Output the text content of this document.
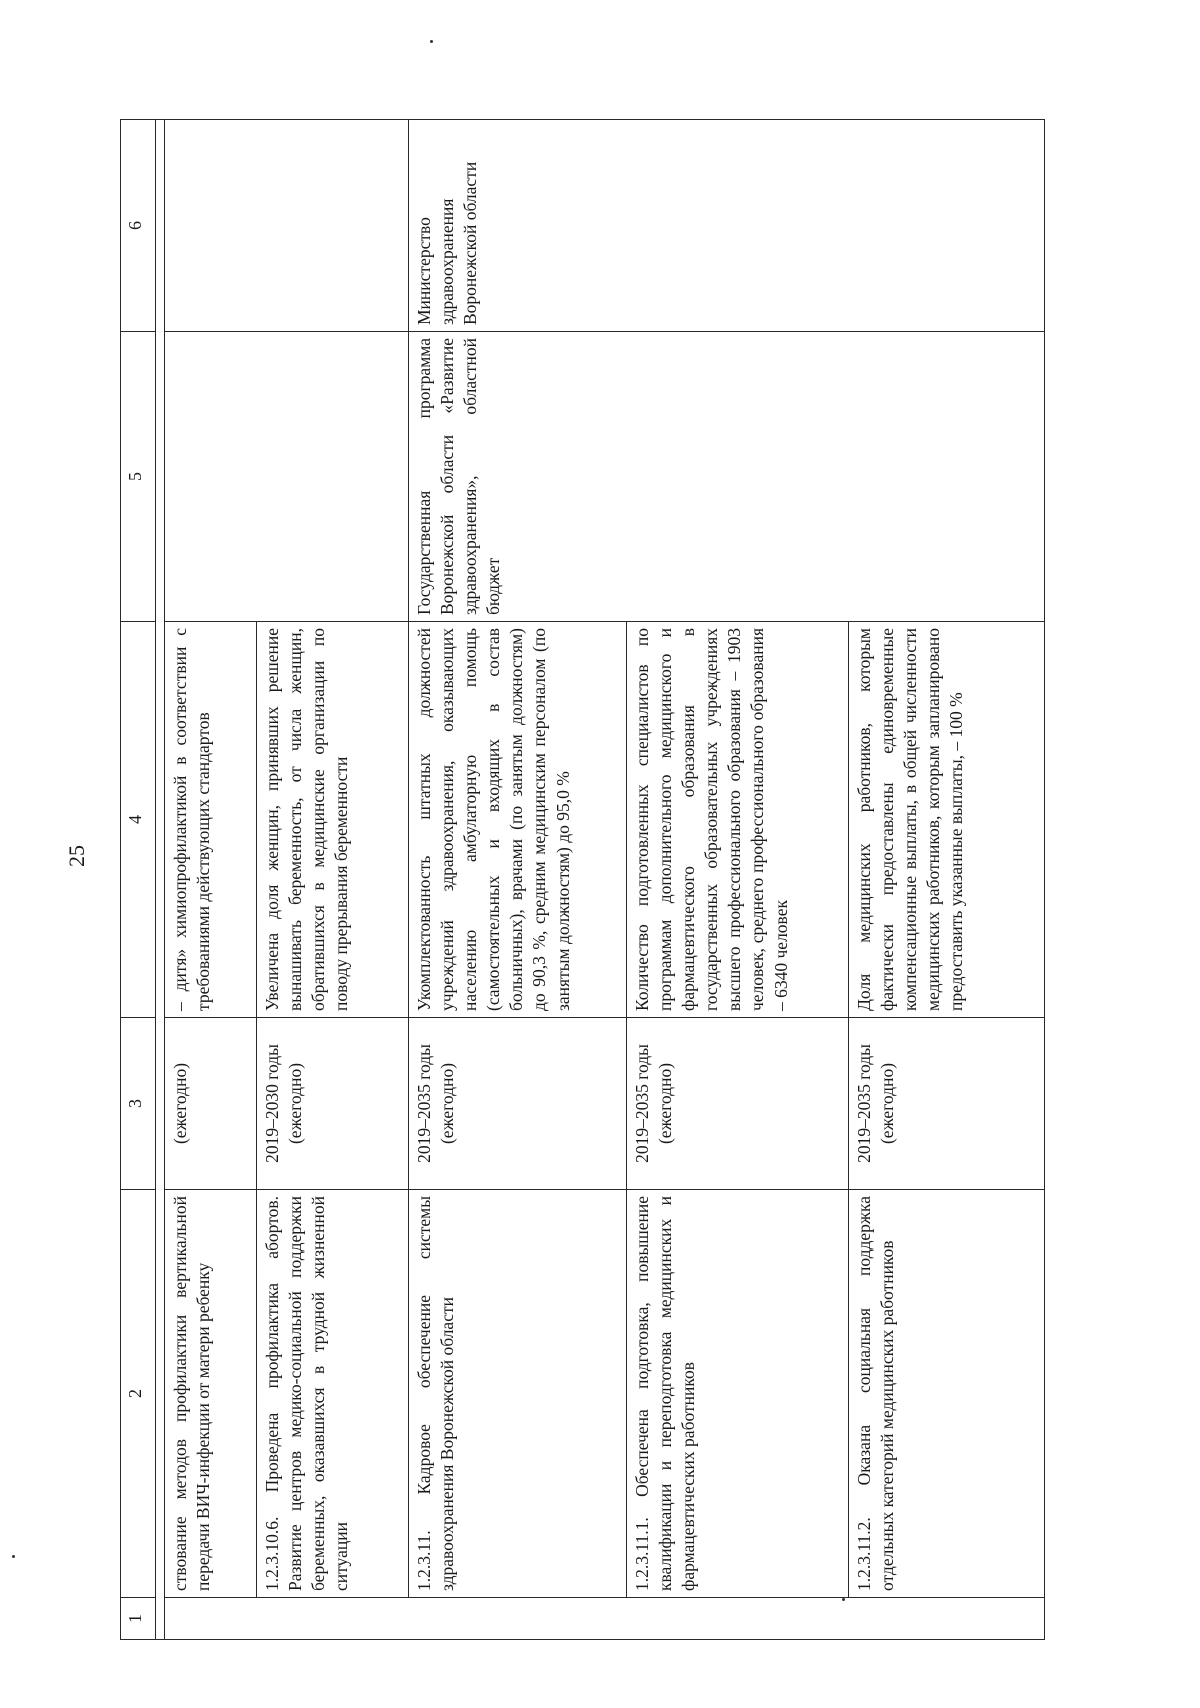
25
1	2	3	4	5	6

	ствование методов профилактики вертикальной передачи ВИЧ-инфекции от матери ребенку	(ежегодно)	– дитя» химиопрофилактикой в соответствии с требованиями действующих стандартов		
	1.2.3.10.6. Проведена профилактика абортов. Развитие центров медико-социальной поддержки беременных, оказавшихся в трудной жизненной ситуации	2019–2030 годы (ежегодно)	Увеличена доля женщин, принявших решение вынашивать беременность, от числа женщин, обратившихся в медицинские организации по поводу прерывания беременности		
	1.2.3.11. Кадровое обеспечение системы здравоохранения Воронежской области	2019–2035 годы (ежегодно)	Укомплектованность штатных должностей учреждений здравоохранения, оказывающих населению амбулаторную помощь (самостоятельных и входящих в состав больничных), врачами (по занятым должностям) до 90,3 %, средним медицинским персоналом (по занятым должностям) до 95,0 %	Государственная программа Воронежской области «Развитие здравоохранения», областной бюджет	Министерство здравоохранения Воронежской области
	1.2.3.11.1. Обеспечена подготовка, повышение квалификации и переподготовка медицинских и фармацевтических работников	2019–2035 годы (ежегодно)	Количество подготовленных специалистов по программам дополнительного медицинского и фармацевтического образования в государственных образовательных учреждениях высшего профессионального образования – 1903 человек, среднего профессионального образования – 6340 человек		
	1.2.3.11.2. Оказана социальная поддержка отдельных категорий медицинских работников	2019–2035 годы (ежегодно)	Доля медицинских работников, которым фактически предоставлены единовременные компенсационные выплаты, в общей численности медицинских работников, которым запланировано предоставить указанные выплаты, – 100 %		
